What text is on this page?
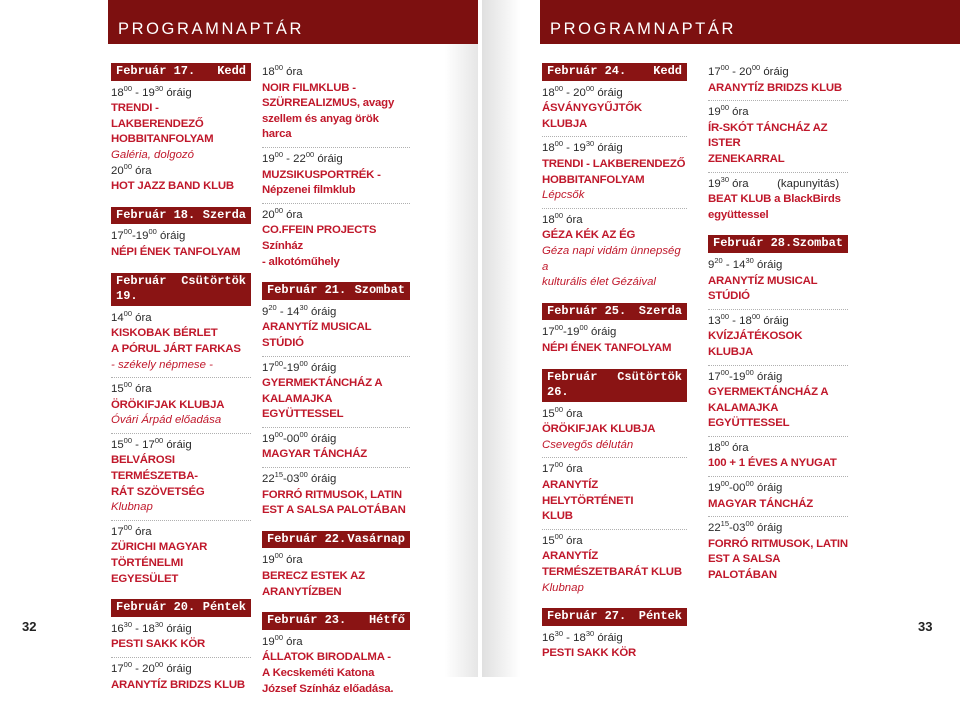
PROGRAMNAPTÁR
Február 17. Kedd
$18^{00} - 19^{30}$ óráig
TRENDI - LAKBERENDEZŐ
HOBBITANFOLYAM
Galéria, dolgozó
$20^{00}$ óra
HOT JAZZ BAND KLUB
Február 18. Szerda
$17^{00}-19^{00}$ óráig
NÉPI ÉNEK TANFOLYAM
Február 19.
Csütörtök
$14^{00}$ óra
KISKOBAK BÉRLET
A PÓRUL JÁRT FARKAS
- székely népmese -
$15^{00}$ óra
ÖRÖKIFJAK KLUBJA
Óvári Árpád előadása
$15^{00} - 17^{00}$ óráig
BELVÁROSI TERMÉSZETBA-
RÁT SZÖVETSÉG
Klubnap
$17^{00}$ óra
ZÜRICHI MAGYAR
TÖRTÉNELMI EGYESÜLET
Február 20. Péntek
$16^{30} - 18^{30}$ óráig
PESTI SAKK KÖR
$17^{00} - 20^{00}$ óráig
ARANYTÍZ BRIDZS KLUB
$18^{00}$ óra
NOIR FILMKLUB -
SZÜRREALIZMUS, avagy
szellem és anyag örök
harca
$19^{00} - 22^{00}$ óráig
MUZSIKUSPORTRÉK -
Népzenei filmklub
$20^{00}$ óra
CO.FFEIN PROJECTS Színház
- alkotóműhely
Február 21. Szombat
$9^{20} - 14^{30}$ óráig
ARANYTÍZ MUSICAL STÚDIÓ
$17^{00}-19^{00}$ óráig
GYERMEKTÁNCHÁZ A
KALAMAJKA EGYÜTTESSEL
$19^{00}-00^{00}$ óráig
MAGYAR TÁNCHÁZ
$22^{15}-03^{00}$ óráig
FORRÓ RITMUSOK, LATIN
EST A SALSA PALOTÁBAN
Február 22. Vasárnap
$19^{00}$ óra
BERECZ ESTEK AZ
ARANYTÍZBEN
Február 23. Hétfő
$19^{00}$ óra
ÁLLATOK BIRODALMA -
A Kecskeméti Katona
József Színház előadása.
32
PROGRAMNAPTÁR
Február 24. Kedd
$18^{00} - 20^{00}$ óráig
ÁSVÁNYGYŰJTŐK KLUBJA
$18^{00} - 19^{30}$ óráig
TRENDI - LAKBERENDEZŐ
HOBBITANFOLYAM
Lépcsők
$18^{00}$ óra
GÉZA KÉK AZ ÉG
Géza napi vidám ünnepség a
kulturális élet Gézáival
Február 25. Szerda
$17^{00}-19^{00}$ óráig
NÉPI ÉNEK TANFOLYAM
Február 26.
Csütörtök
$15^{00}$ óra
ÖRÖKIFJAK KLUBJA
Csevegős délután
$17^{00}$ óra
ARANYTÍZ HELYTÖRTÉNETI
KLUB
$15^{00}$ óra
ARANYTÍZ
TERMÉSZETBARÁT KLUB
Klubnap
Február 27. Péntek
$16^{30} - 18^{30}$ óráig
PESTI SAKK KÖR
$17^{00} - 20^{00}$ óráig
ARANYTÍZ BRIDZS KLUB
$19^{00}$ óra
ÍR-SKÓT TÁNCHÁZ AZ ISTER
ZENEKARRAL
$19^{30}$ óra         (kapunyitás)
BEAT KLUB a BlackBirds
együttessel
Február 28. Szombat
$9^{20} - 14^{30}$ óráig
ARANYTÍZ MUSICAL STÚDIÓ
$13^{00} - 18^{00}$ óráig
KVÍZJÁTÉKOSOK KLUBJA
$17^{00}-19^{00}$ óráig
GYERMEKTÁNCHÁZ A
KALAMAJKA EGYÜTTESSEL
$18^{00}$ óra
100 + 1 ÉVES A NYUGAT
$19^{00}-00^{00}$ óráig
MAGYAR TÁNCHÁZ
$22^{15}-03^{00}$ óráig
FORRÓ RITMUSOK, LATIN
EST A SALSA PALOTÁBAN
33
